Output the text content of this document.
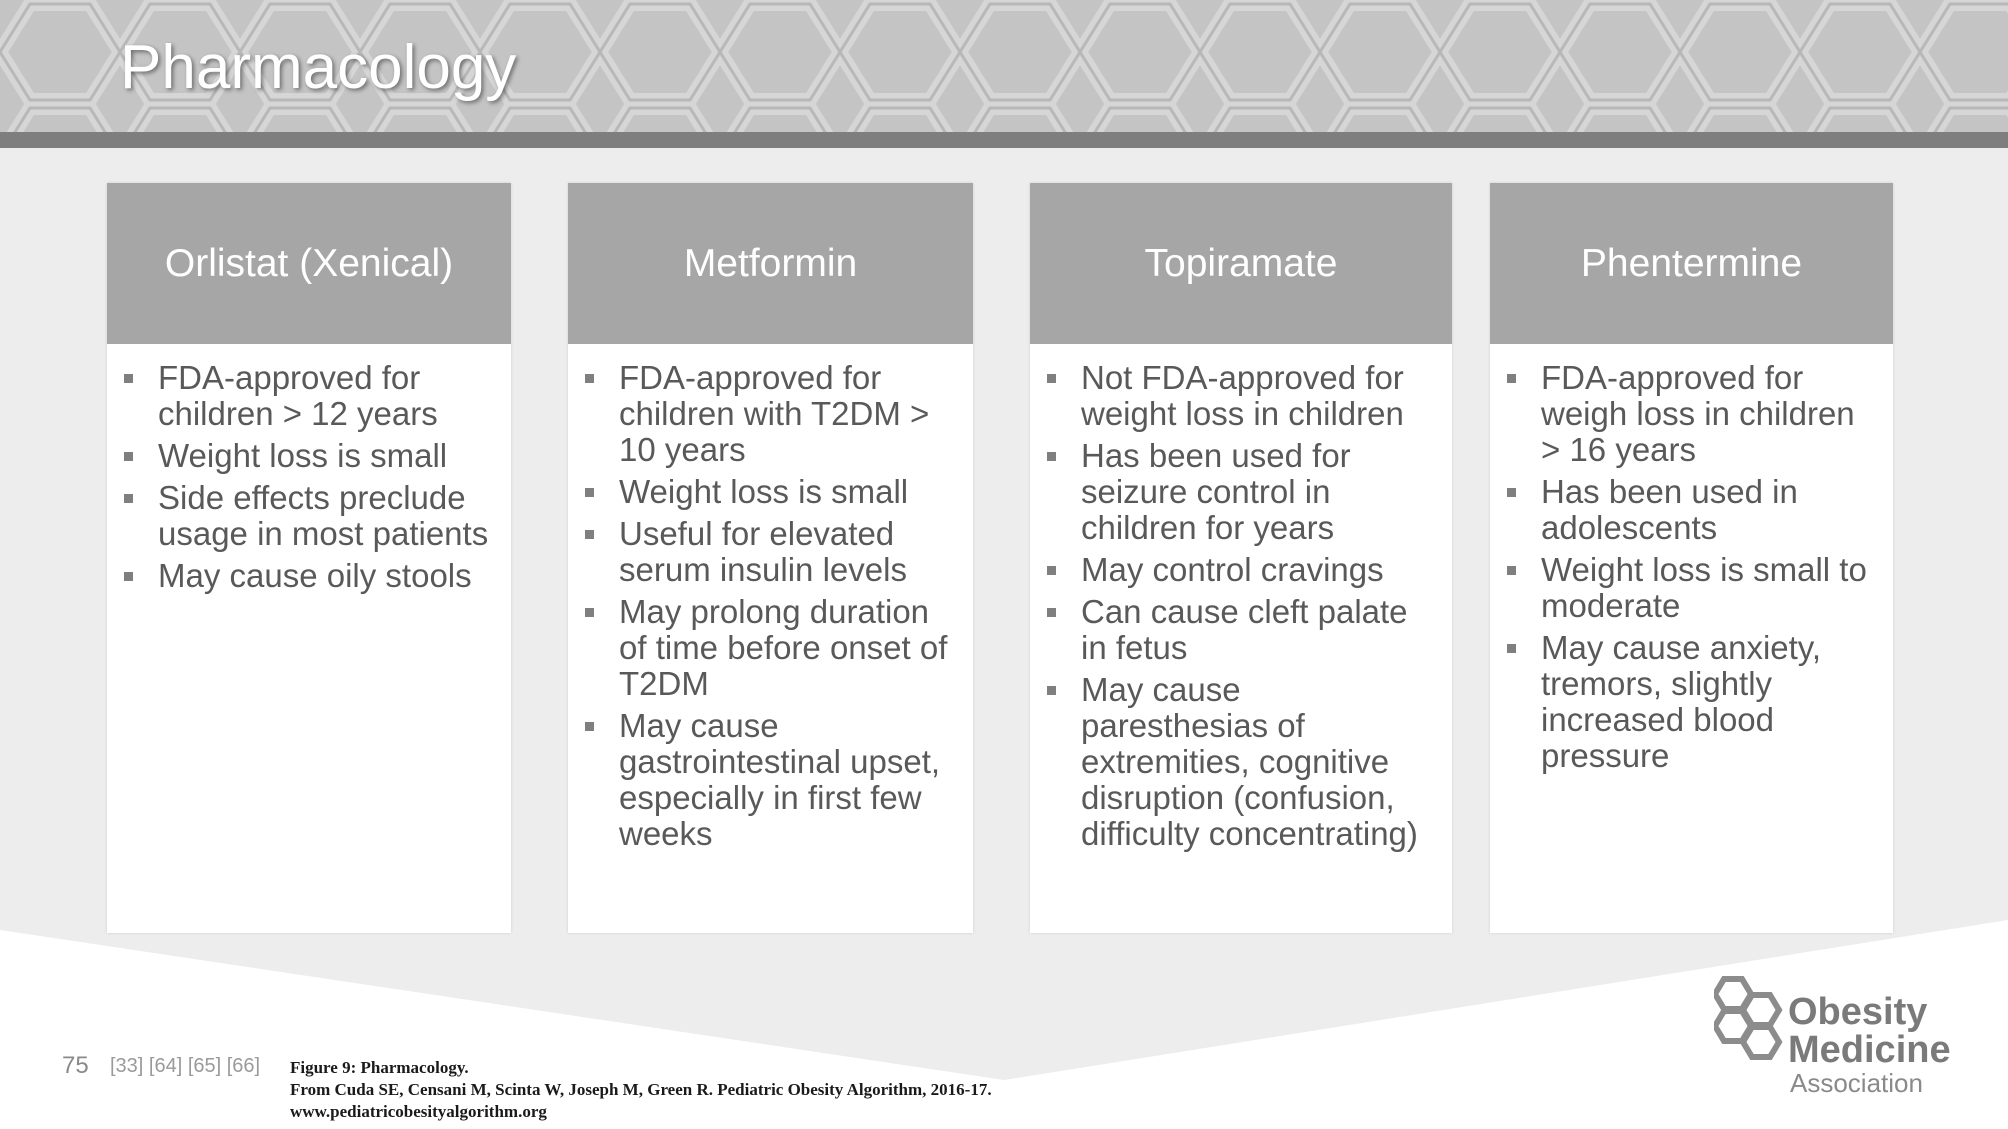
Pharmacology
Orlistat (Xenical)
FDA-approved for children > 12 years
Weight loss is small
Side effects preclude usage in most patients
May cause oily stools
Metformin
FDA-approved for children with T2DM > 10 years
Weight loss is small
Useful for elevated serum insulin levels
May prolong duration of time before onset of T2DM
May cause gastrointestinal upset, especially in first few weeks
Topiramate
Not FDA-approved for weight loss in children
Has been used for seizure control in children for years
May control cravings
Can cause cleft palate in fetus
May cause paresthesias of extremities, cognitive disruption (confusion, difficulty concentrating)
Phentermine
FDA-approved for weigh loss in children > 16 years
Has been used in adolescents
Weight loss is small to moderate
May cause anxiety, tremors, slightly increased blood pressure
75 [33] [64] [65] [66] Figure 9: Pharmacology.
From Cuda SE, Censani M, Scinta W, Joseph M, Green R. Pediatric Obesity Algorithm, 2016-17.
www.pediatricobesityalgorithm.org
Obesity
Medicine
Association
